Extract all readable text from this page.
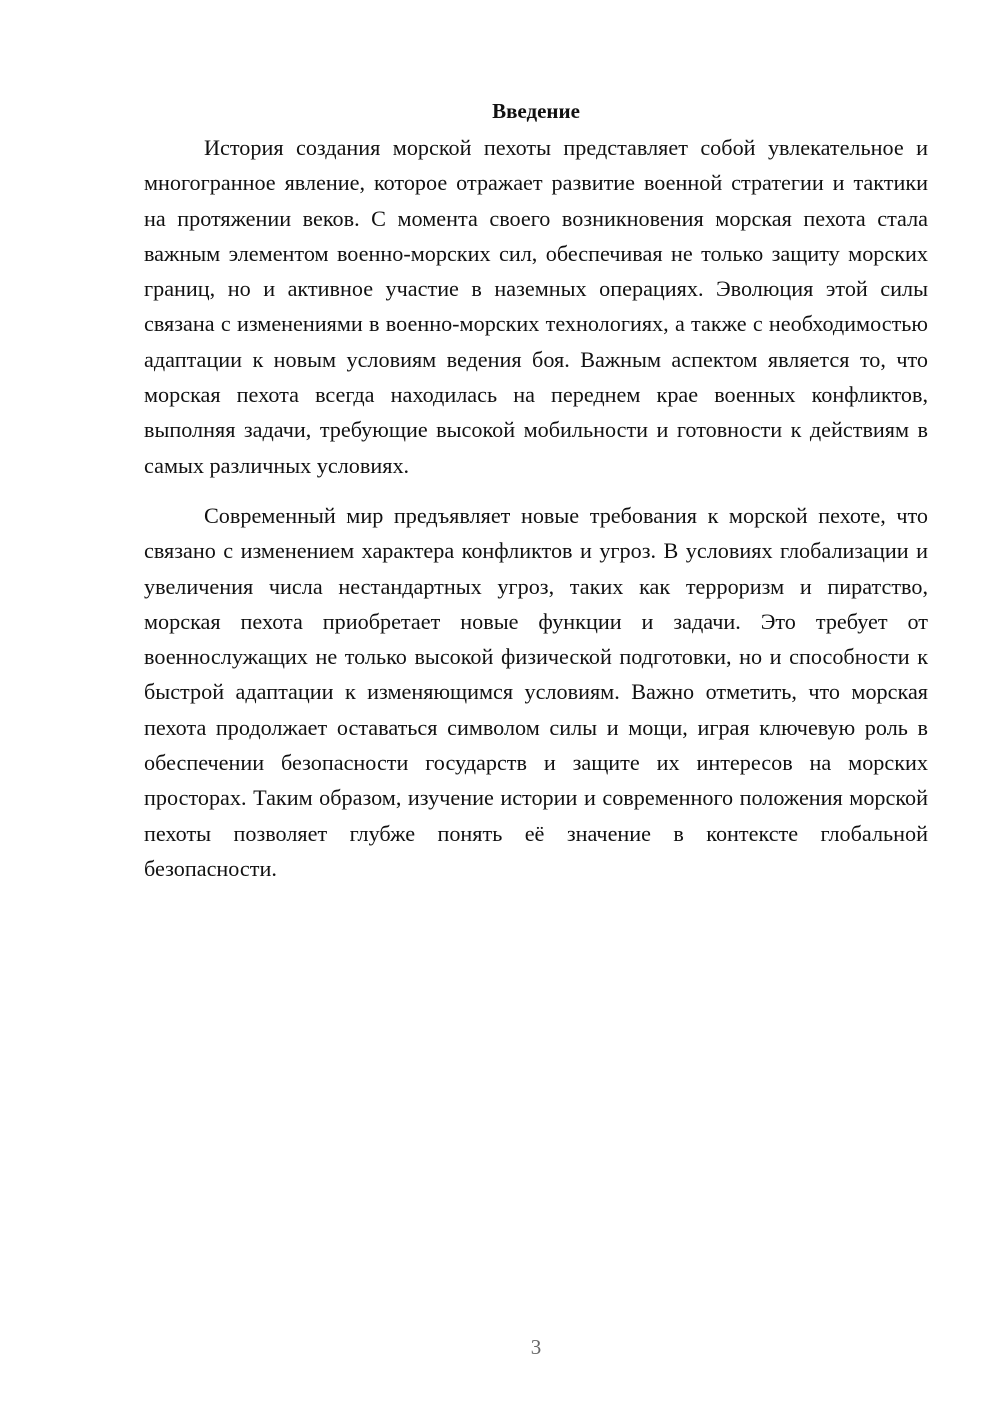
Введение

История создания морской пехоты представляет собой увлекательное и многогранное явление, которое отражает развитие военной стратегии и тактики на протяжении веков. С момента своего возникновения морская пехота стала важным элементом военно-морских сил, обеспечивая не только защиту морских границ, но и активное участие в наземных операциях. Эволюция этой силы связана с изменениями в военно-морских технологиях, а также с необходимостью адаптации к новым условиям ведения боя. Важным аспектом является то, что морская пехота всегда находилась на переднем крае военных конфликтов, выполняя задачи, требующие высокой мобильности и готовности к действиям в самых различных условиях.

Современный мир предъявляет новые требования к морской пехоте, что связано с изменением характера конфликтов и угроз. В условиях глобализации и увеличения числа нестандартных угроз, таких как терроризм и пиратство, морская пехота приобретает новые функции и задачи. Это требует от военнослужащих не только высокой физической подготовки, но и способности к быстрой адаптации к изменяющимся условиям. Важно отметить, что морская пехота продолжает оставаться символом силы и мощи, играя ключевую роль в обеспечении безопасности государств и защите их интересов на морских просторах. Таким образом, изучение истории и современного положения морской пехоты позволяет глубже понять её значение в контексте глобальной безопасности.

3
